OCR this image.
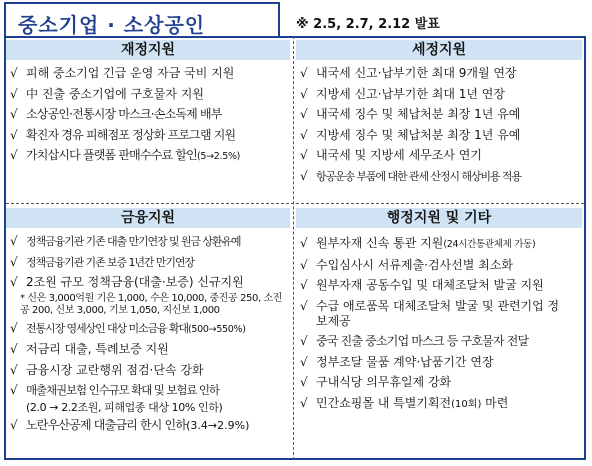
중소기업 · 소상공인	※ 2.5, 2.7, 2.12 발표
재정지원
√ 피해 중소기업 긴급 운영 자금 국비 지원
√ 中 진출 중소기업에 구호물자 지원
√ 소상공인·전통시장 마스크·손소독제 배부
√ 확진자 경유 피해점포 정상화 프로그램 지원
√ 가치삽시다 플랫폼 판매수수료 할인(5→2.5%)
세정지원
√ 내국세 신고·납부기한 최대 9개월 연장
√ 지방세 신고·납부기한 최대 1년 연장
√ 내국세 징수 및 체납처분 최장 1년 유예
√ 지방세 징수 및 체납처분 최장 1년 유예
√ 내국세 및 지방세 세무조사 연기
√ 항공운송 부품에 대한 관세 산정시 해상비용 적용
금융지원
√ 정책금융기관 기존 대출 만기연장 및 원금 상환유예
√ 정책금융기관 기존 보증 1년간 만기연장
√ 2조원 규모 정책금융(대출·보증) 신규지원
* 신은 3,000억원 기은 1,000, 수은 10,000, 중진공 250, 소진공 200, 신보 3,000, 기보 1,050, 지신보 1,000
√ 전통시장 영세상인 대상 미소금융 확대(500→550%)
√ 저금리 대출, 특례보증 지원
√ 금융시장 교란행위 점검·단속 강화
√ 매출채권보험 인수규모 확대 및 보험료 인하
(2.0 → 2.2조원, 피해업종 대상 10% 인하)
√ 노란우산공제 대출금리 한시 인하(3.4→2.9%)
행정지원 및 기타
√ 원부자재 신속 통관 지원(24시간통관체제 가동)
√ 수입심사시 서류제출·검사선별 최소화
√ 원부자재 공동수입 및 대체조달처 발굴 지원
√ 수급 애로품목 대체조달처 발굴 및 관련기업 정보제공
√ 중국 진출 중소기업 마스크 등 구호물자 전달
√ 정부조달 물품 계약·납품기간 연장
√ 구내식당 의무휴일제 강화
√ 민간쇼핑몰 내 특별기획전(10회) 마련
